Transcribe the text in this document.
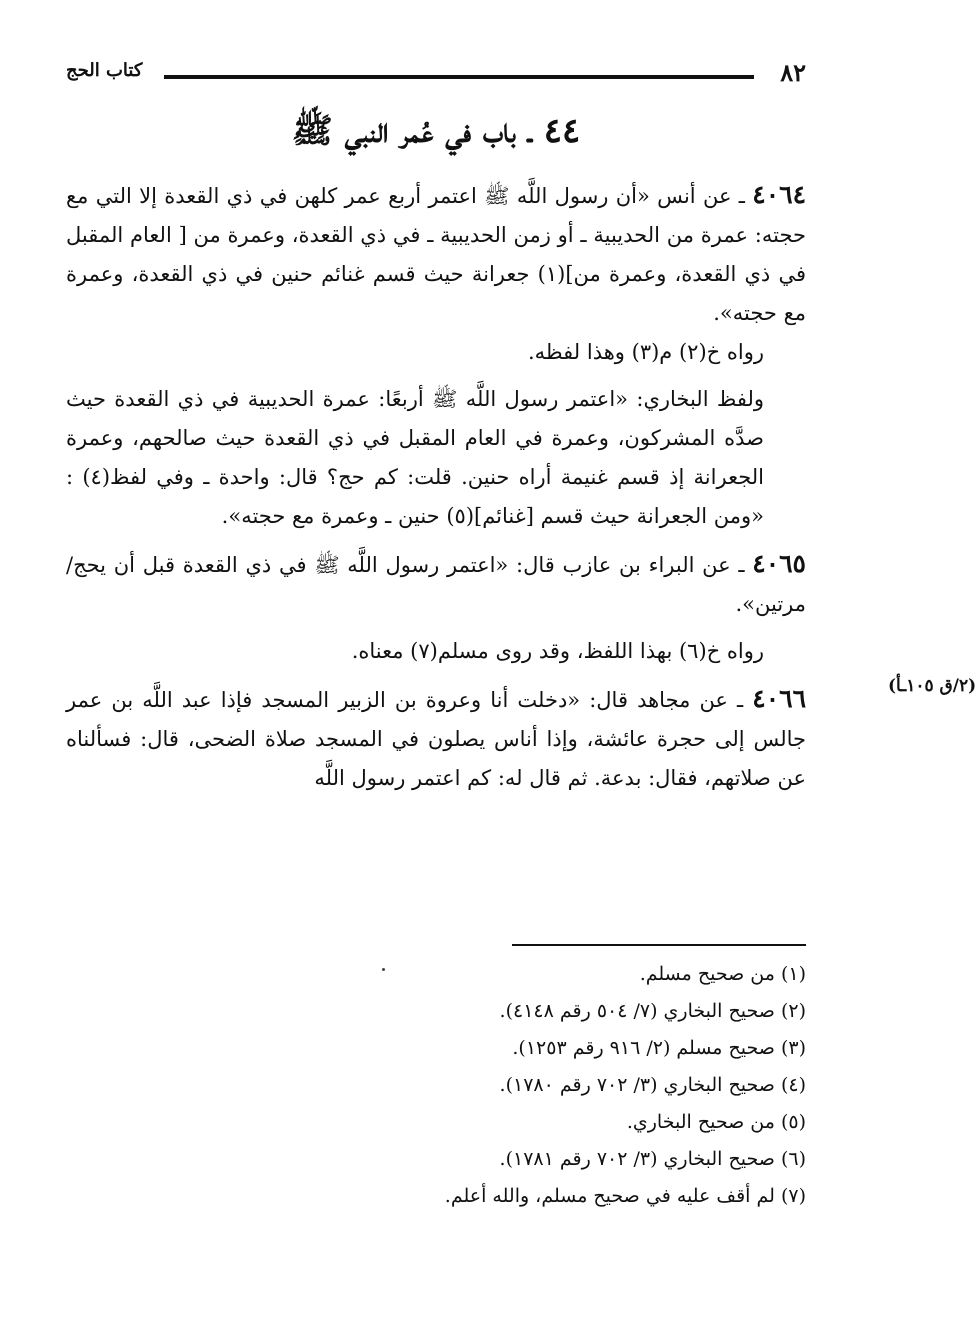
٨٢
كتاب الحج
٤٤ ـ باب في عُمر النبي ﷺ

٤٠٦٤ ـ عن أنس «أن رسول اللَّه ﷺ اعتمر أربع عمر كلهن في ذي القعدة إلا التي مع حجته: عمرة من الحديبية ـ أو زمن الحديبية ـ في ذي القعدة، وعمرة من [ العام المقبل في ذي القعدة، وعمرة من](١) جعرانة حيث قسم غنائم حنين في ذي القعدة، وعمرة مع حجته».

رواه خ(٢) م(٣) وهذا لفظه.

ولفظ البخاري: «اعتمر رسول اللَّه ﷺ أربعًا: عمرة الحديبية في ذي القعدة حيث صدَّه المشركون، وعمرة في العام المقبل في ذي القعدة حيث صالحهم، وعمرة الجعرانة إذ قسم غنيمة أراه حنين. قلت: كم حج؟ قال: واحدة ـ وفي لفظ(٤) : «ومن الجعرانة حيث قسم [غنائم](٥) حنين ـ وعمرة مع حجته».

٤٠٦٥ ـ عن البراء بن عازب قال: «اعتمر رسول اللَّه ﷺ في ذي القعدة قبل أن يحج/ مرتين».

رواه خ(٦) بهذا اللفظ، وقد روى مسلم(٧) معناه.

٤٠٦٦ ـ عن مجاهد قال: «دخلت أنا وعروة بن الزبير المسجد فإذا عبد اللَّه بن عمر جالس إلى حجرة عائشة، وإذا أناس يصلون في المسجد صلاة الضحى، قال: فسألناه عن صلاتهم، فقال: بدعة. ثم قال له: كم اعتمر رسول اللَّه

(٢/ق ١٠٥ـأ)
(١) من صحيح مسلم.
(٢) صحيح البخاري (٧/ ٥٠٤ رقم ٤١٤٨).
(٣) صحيح مسلم (٢/ ٩١٦ رقم ١٢٥٣).
(٤) صحيح البخاري (٣/ ٧٠٢ رقم ١٧٨٠).
(٥) من صحيح البخاري.
(٦) صحيح البخاري (٣/ ٧٠٢ رقم ١٧٨١).
(٧) لم أقف عليه في صحيح مسلم، والله أعلم.
